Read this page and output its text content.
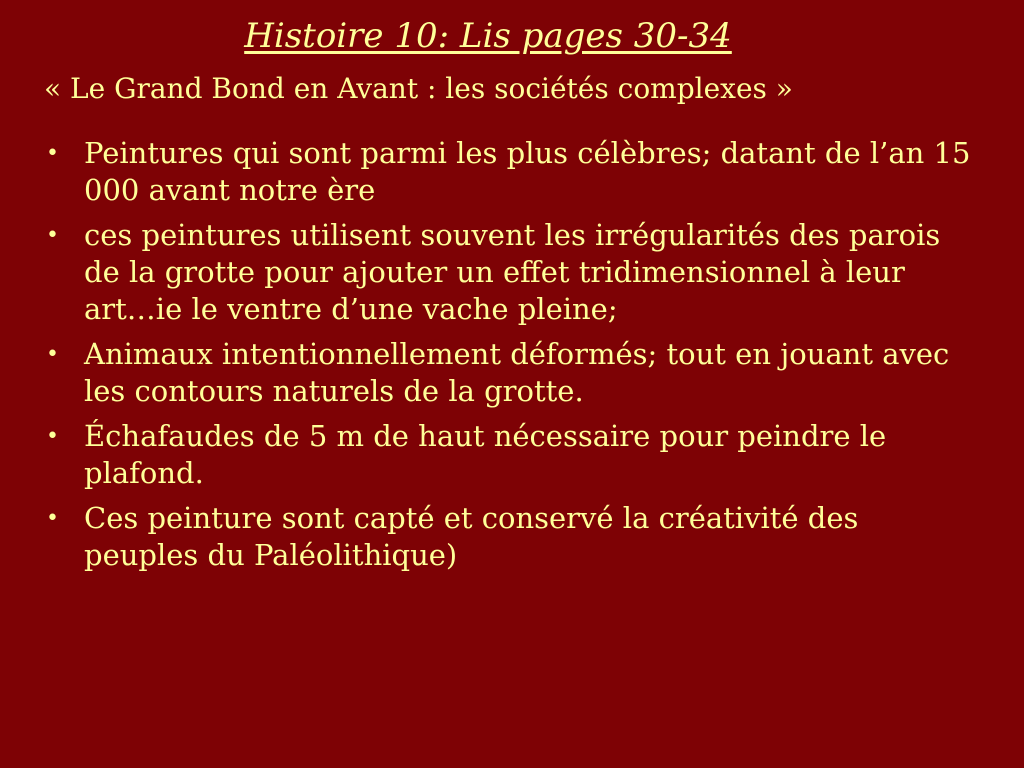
Histoire 10: Lis pages 30-34
« Le Grand Bond en Avant : les sociétés complexes »
• Peintures qui sont parmi les plus célèbres; datant de l’an 15 000 avant notre ère
• ces peintures utilisent souvent les irrégularités des parois de la grotte pour ajouter un effet tridimensionnel à leur art…ie le ventre d’une vache pleine;
• Animaux intentionnellement déformés; tout en jouant avec les contours naturels de la grotte.
• Échafaudes de 5 m de haut nécessaire pour peindre le plafond.
• Ces peinture sont capté et conservé la créativité des peuples du Paléolithique)
